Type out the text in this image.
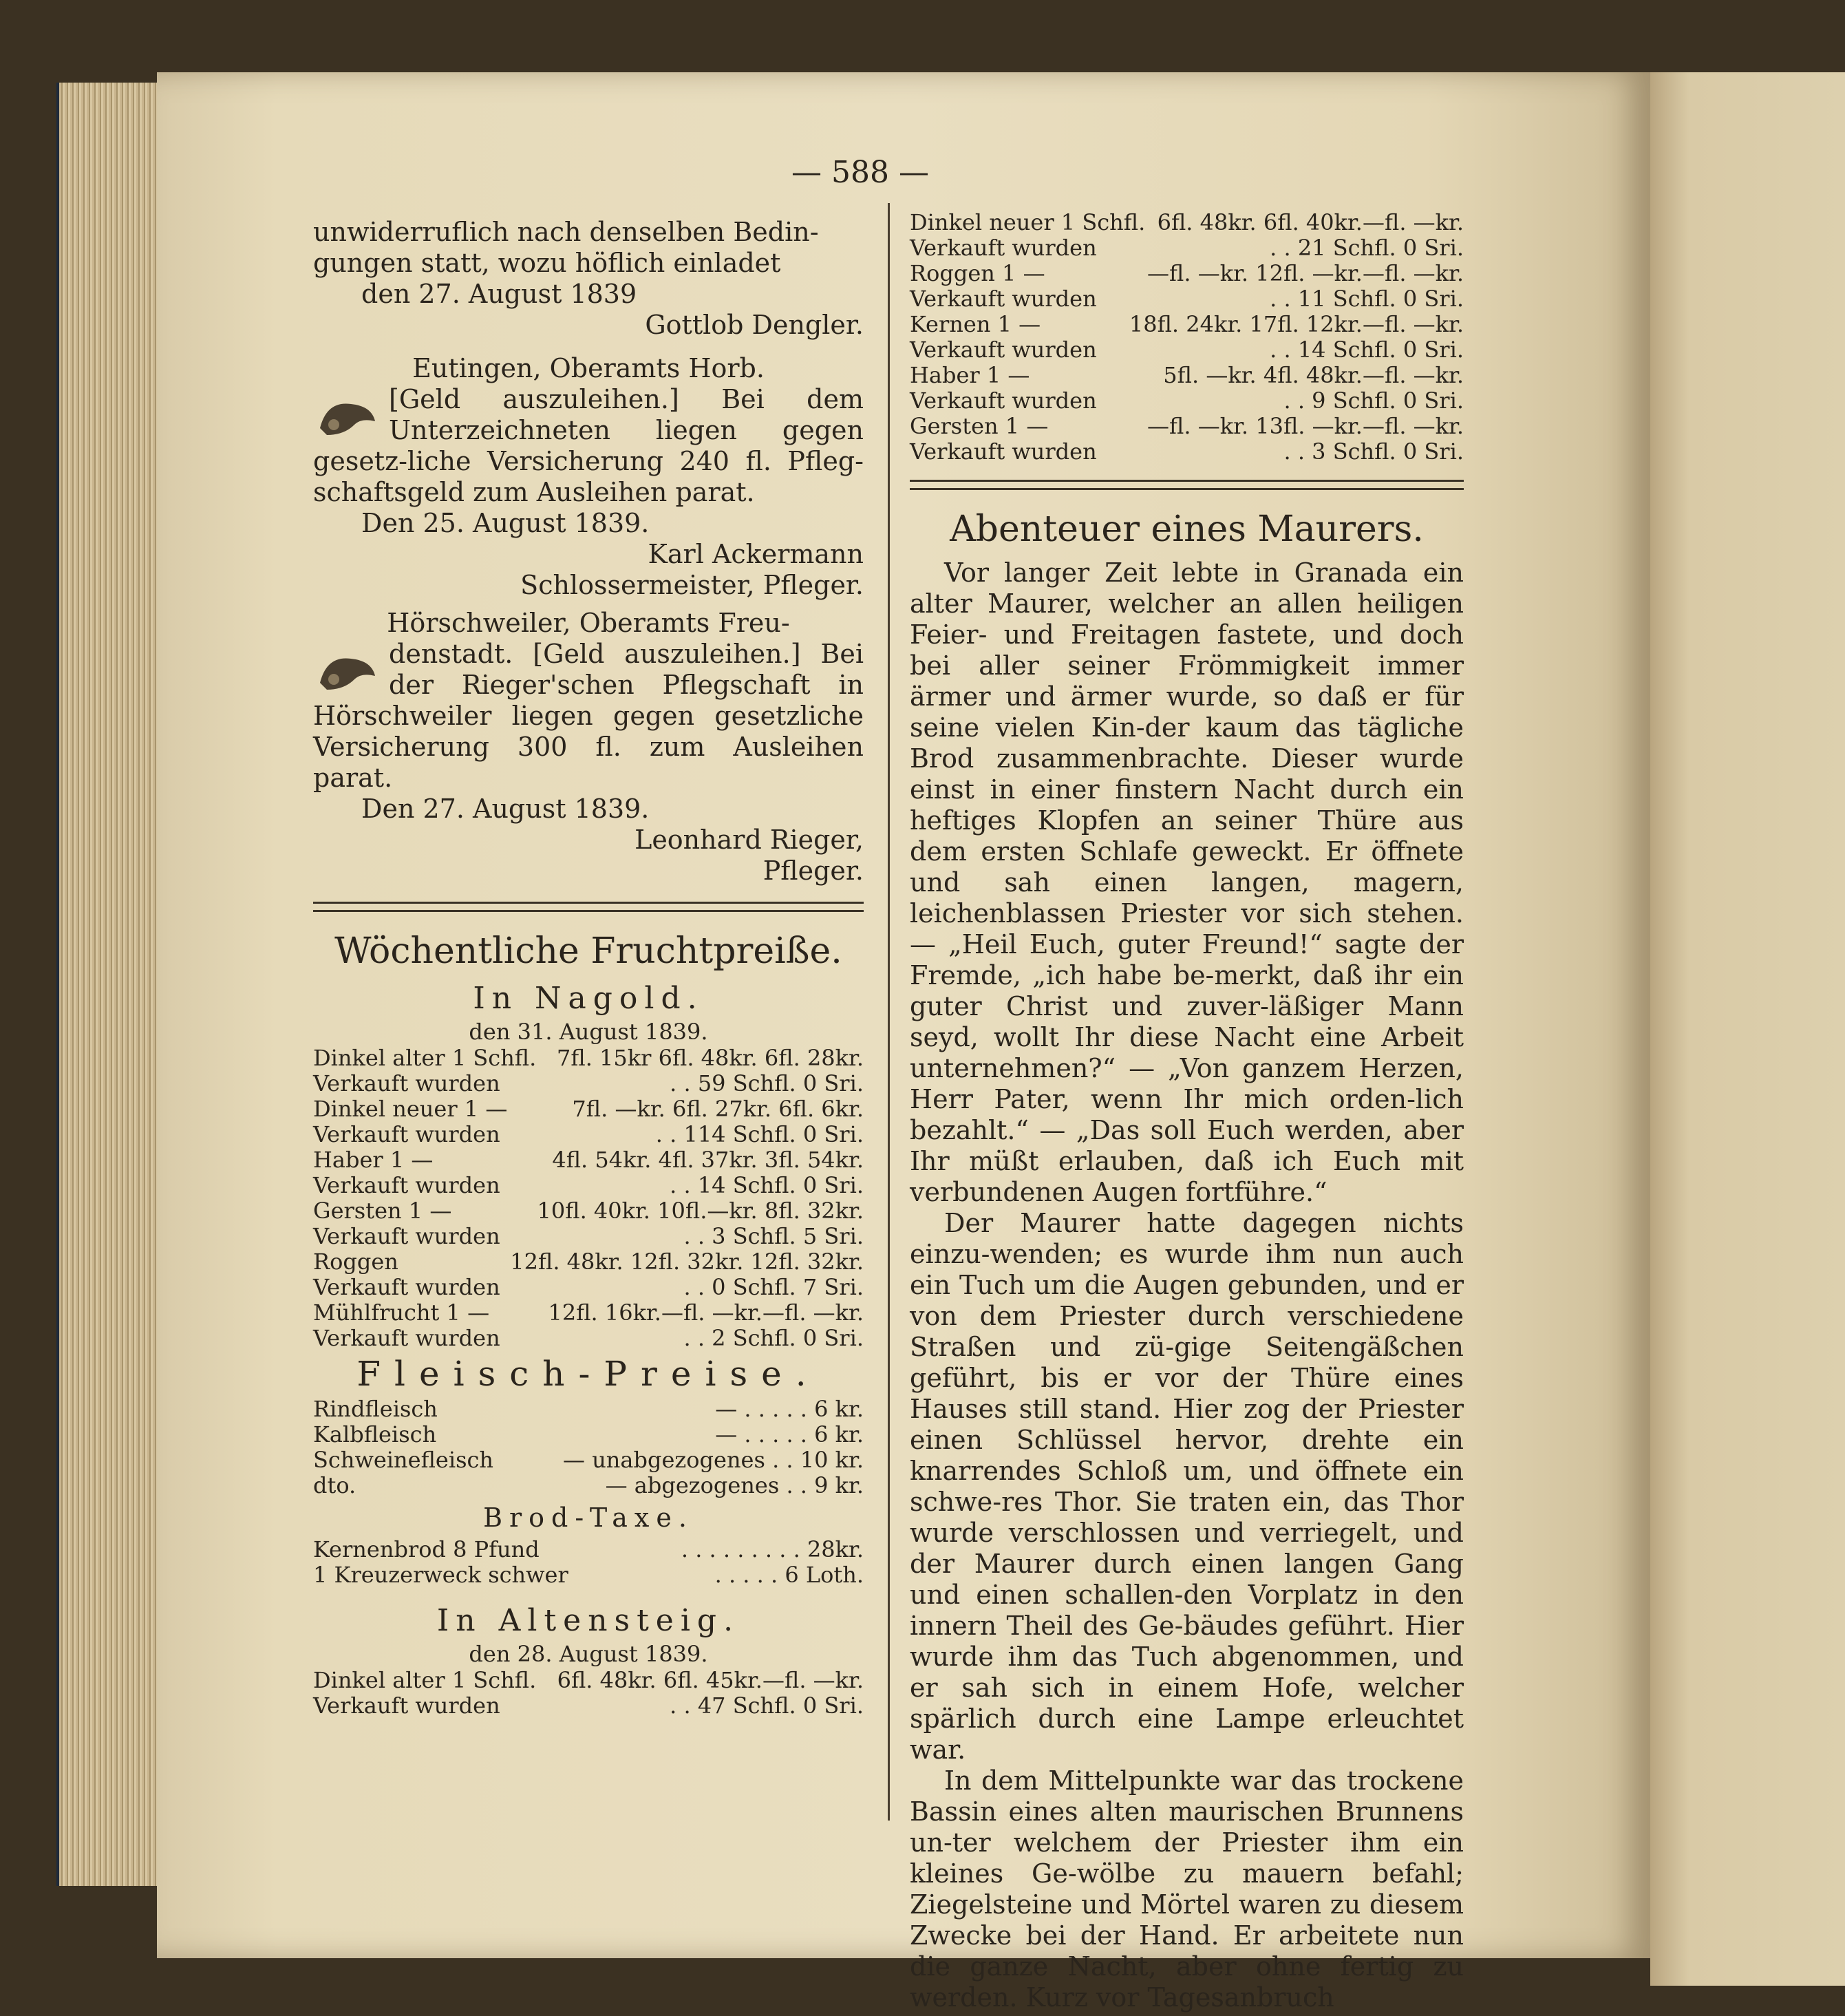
— 588 —

unwiderruflich nach denselben Bedin-

gungen statt, wozu höflich einladet

den 27. August 1839

Gottlob Dengler.

Eutingen, Oberamts Horb.

[Geld auszuleihen.] Bei dem Unterzeichneten liegen gegen gesetz-liche Versicherung 240 fl. Pfleg-schaftsgeld zum Ausleihen parat.

Den 25. August 1839.

Karl Ackermann

Schlossermeister, Pfleger.

Hörschweiler, Oberamts Freu-

denstadt. [Geld auszuleihen.] Bei der Rieger'schen Pflegschaft in Hörschweiler liegen gegen gesetzliche Versicherung 300 fl. zum Ausleihen parat.

Den 27. August 1839.

Leonhard Rieger,

Pfleger.

Wöchentliche Fruchtpreiße.
In Nagold.
den 31. August 1839.
Dinkel alter 1 Schfl. 7fl. 15kr 6fl. 48kr. 6fl. 28kr.
Verkauft wurden	. . 59 Schfl. 0 Sri.
Dinkel neuer 1 —	7fl. —kr. 6fl. 27kr. 6fl. 6kr.
Verkauft wurden	. . 114 Schfl. 0 Sri.
Haber 1 —	4fl. 54kr. 4fl. 37kr. 3fl. 54kr.
Verkauft wurden	. . 14 Schfl. 0 Sri.
Gersten 1 —	10fl. 40kr. 10fl.—kr. 8fl. 32kr.
Verkauft wurden	. . 3 Schfl. 5 Sri.
Roggen	12fl. 48kr. 12fl. 32kr. 12fl. 32kr.
Verkauft wurden	. . 0 Schfl. 7 Sri.
Mühlfrucht 1 —	12fl. 16kr.—fl. —kr.—fl. —kr.
Verkauft wurden	. . 2 Schfl. 0 Sri.
Fleisch-Preise.
Rindfleisch	— . . . . . 6 kr.
Kalbfleisch	— . . . . . 6 kr.
Schweinefleisch	— unabgezogenes . . 10 kr.
dto.	— abgezogenes . . 9 kr.
Brod-Taxe.
Kernenbrod 8 Pfund	. . . . . . . . . 28kr.
1 Kreuzerweck schwer	. . . . . 6 Loth.
In Altensteig.
den 28. August 1839.
Dinkel alter 1 Schfl. 6fl. 48kr. 6fl. 45kr.—fl. —kr.
Verkauft wurden	. . 47 Schfl. 0 Sri.
Dinkel neuer 1 Schfl. 6fl. 48kr. 6fl. 40kr.—fl. —kr.
Verkauft wurden	. . 21 Schfl. 0 Sri.
Roggen 1 —	—fl. —kr. 12fl. —kr.—fl. —kr.
Verkauft wurden	. . 11 Schfl. 0 Sri.
Kernen 1 —	18fl. 24kr. 17fl. 12kr.—fl. —kr.
Verkauft wurden	. . 14 Schfl. 0 Sri.
Haber 1 —	5fl. —kr. 4fl. 48kr.—fl. —kr.
Verkauft wurden	. . 9 Schfl. 0 Sri.
Gersten 1 —	—fl. —kr. 13fl. —kr.—fl. —kr.
Verkauft wurden	. . 3 Schfl. 0 Sri.
Abenteuer eines Maurers.

Vor langer Zeit lebte in Granada ein alter Maurer, welcher an allen heiligen Feier- und Freitagen fastete, und doch bei aller seiner Frömmigkeit immer ärmer und ärmer wurde, so daß er für seine vielen Kin-der kaum das tägliche Brod zusammenbrachte. Dieser wurde einst in einer finstern Nacht durch ein heftiges Klopfen an seiner Thüre aus dem ersten Schlafe geweckt. Er öffnete und sah einen langen, magern, leichenblassen Priester vor sich stehen. — „Heil Euch, guter Freund!“ sagte der Fremde, „ich habe be-merkt, daß ihr ein guter Christ und zuver-läßiger Mann seyd, wollt Ihr diese Nacht eine Arbeit unternehmen?“ — „Von ganzem Herzen, Herr Pater, wenn Ihr mich orden-lich bezahlt.“ — „Das soll Euch werden, aber Ihr müßt erlauben, daß ich Euch mit verbundenen Augen fortführe.“

Der Maurer hatte dagegen nichts einzu-wenden; es wurde ihm nun auch ein Tuch um die Augen gebunden, und er von dem Priester durch verschiedene Straßen und zü-gige Seitengäßchen geführt, bis er vor der Thüre eines Hauses still stand. Hier zog der Priester einen Schlüssel hervor, drehte ein knarrendes Schloß um, und öffnete ein schwe-res Thor. Sie traten ein, das Thor wurde verschlossen und verriegelt, und der Maurer durch einen langen Gang und einen schallen-den Vorplatz in den innern Theil des Ge-bäudes geführt. Hier wurde ihm das Tuch abgenommen, und er sah sich in einem Hofe, welcher spärlich durch eine Lampe erleuchtet war.

In dem Mittelpunkte war das trockene Bassin eines alten maurischen Brunnens un-ter welchem der Priester ihm ein kleines Ge-wölbe zu mauern befahl; Ziegelsteine und Mörtel waren zu diesem Zwecke bei der Hand. Er arbeitete nun die ganze Nacht, aber ohne fertig zu werden. Kurz vor Tagesanbruch
